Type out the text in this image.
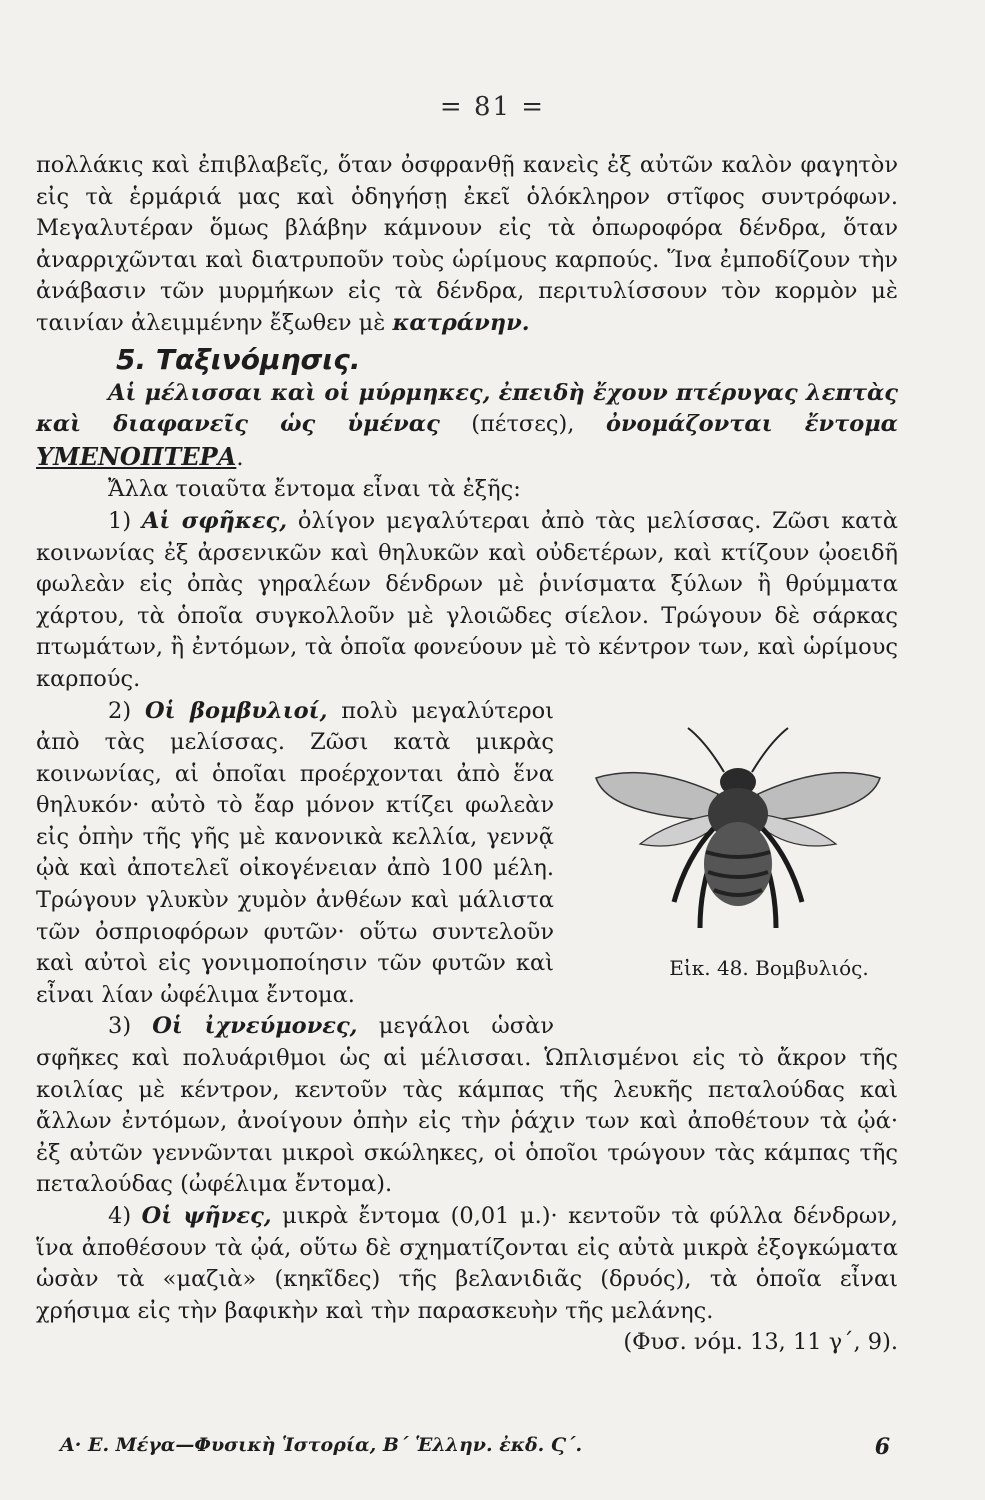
= 81 =

πολλάκις καὶ ἐπιβλαβεῖς, ὅταν ὀσφρανθῇ κανεὶς ἐξ αὐτῶν καλὸν φαγητὸν εἰς τὰ ἑρμάριά μας καὶ ὁδηγήσῃ ἐκεῖ ὁλόκληρον στῖφος συντρόφων. Μεγαλυτέραν ὅμως βλάβην κάμνουν εἰς τὰ ὀπωροφόρα δένδρα, ὅταν ἀναρριχῶνται καὶ διατρυποῦν τοὺς ὡρίμους καρπούς. Ἵνα ἐμποδίζουν τὴν ἀνάβασιν τῶν μυρμήκων εἰς τὰ δένδρα, περιτυλίσσουν τὸν κορμὸν μὲ ταινίαν ἀλειμμένην ἔξωθεν μὲ κατράνην.

5. Ταξινόμησις.

Αἱ μέλισσαι καὶ οἱ μύρμηκες, ἐπειδὴ ἔχουν πτέρυγας λεπτὰς καὶ διαφανεῖς ὡς ὑμένας (πέτσες), ὀνομάζονται ἔντομα ΥΜΕΝΟΠΤΕΡΑ.

Ἄλλα τοιαῦτα ἔντομα εἶναι τὰ ἑξῆς:

1) Αἱ σφῆκες, ὀλίγον μεγαλύτεραι ἀπὸ τὰς μελίσσας. Ζῶσι κατὰ κοινωνίας ἐξ ἀρσενικῶν καὶ θηλυκῶν καὶ οὐδετέρων, καὶ κτίζουν ᾠοειδῆ φωλεὰν εἰς ὀπὰς γηραλέων δένδρων μὲ ῥινίσματα ξύλων ἢ θρύμματα χάρτου, τὰ ὁποῖα συγκολλοῦν μὲ γλοιῶδες σίελον. Τρώγουν δὲ σάρκας πτωμάτων, ἢ ἐντόμων, τὰ ὁποῖα φονεύουν μὲ τὸ κέντρον των, καὶ ὡρίμους καρπούς.

2) Οἱ βομβυλιοί,
Εἰκ. 48. Βομβυλιός.
πολὺ μεγαλύτεροι ἀπὸ τὰς μελίσσας. Ζῶσι κατὰ μικρὰς κοινωνίας, αἱ ὁποῖαι προέρχονται ἀπὸ ἕνα θηλυκόν· αὐτὸ τὸ ἔαρ μόνον κτίζει φωλεὰν εἰς ὀπὴν τῆς γῆς μὲ κανονικὰ κελλία, γεννᾷ ᾠὰ καὶ ἀποτελεῖ οἰκογένειαν ἀπὸ 100 μέλη. Τρώγουν γλυκὺν χυμὸν ἀνθέων καὶ μάλιστα τῶν ὀσπριοφόρων φυτῶν· οὕτω συντελοῦν καὶ αὐτοὶ εἰς γονιμοποίησιν τῶν φυτῶν καὶ εἶναι λίαν ὠφέλιμα ἔντομα.

3) Οἱ ἰχνεύμονες, μεγάλοι ὡσὰν σφῆκες καὶ πολυάριθμοι ὡς αἱ μέλισσαι. Ὡπλισμένοι εἰς τὸ ἄκρον τῆς κοιλίας μὲ κέντρον, κεντοῦν τὰς κάμπας τῆς λευκῆς πεταλούδας καὶ ἄλλων ἐντόμων, ἀνοίγουν ὀπὴν εἰς τὴν ῥάχιν των καὶ ἀποθέτουν τὰ ᾠά· ἐξ αὐτῶν γεννῶνται μικροὶ σκώληκες, οἱ ὁποῖοι τρώγουν τὰς κάμπας τῆς πεταλούδας (ὠφέλιμα ἔντομα).

4) Οἱ ψῆνες, μικρὰ ἔντομα (0,01 μ.)· κεντοῦν τὰ φύλλα δένδρων, ἵνα ἀποθέσουν τὰ ᾠά, οὕτω δὲ σχηματίζονται εἰς αὐτὰ μικρὰ ἐξογκώματα ὡσὰν τὰ «μαζιὰ» (κηκῖδες) τῆς βελανιδιᾶς (δρυός), τὰ ὁποῖα εἶναι χρήσιμα εἰς τὴν βαφικὴν καὶ τὴν παρασκευὴν τῆς μελάνης.

(Φυσ. νόμ. 13, 11 γ΄, 9).

Α· Ε. Μέγα—Φυσικὴ Ἱστορία, Β΄ Ἑλλην. ἐκδ. Ϛ΄.	6
